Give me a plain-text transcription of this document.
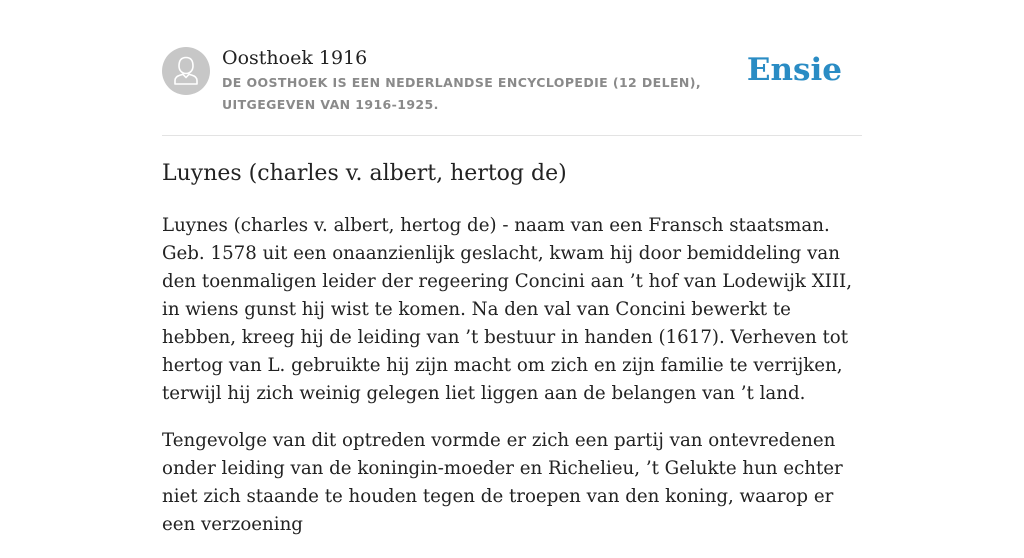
Oosthoek 1916
DE OOSTHOEK IS EEN NEDERLANDSE ENCYCLOPEDIE (12 DELEN), UITGEGEVEN VAN 1916-1925.
Ensie
Luynes (charles v. albert, hertog de)

Luynes (charles v. albert, hertog de) - naam van een Fransch staatsman. Geb. 1578 uit een onaanzienlijk geslacht, kwam hij door bemiddeling van den toenmaligen leider der regeering Concini aan ’t hof van Lodewijk XIII, in wiens gunst hij wist te komen. Na den val van Concini bewerkt te hebben, kreeg hij de leiding van ’t bestuur in handen (1617). Verheven tot hertog van L. gebruikte hij zijn macht om zich en zijn familie te verrijken, terwijl hij zich weinig gelegen liet liggen aan de belangen van ’t land.

Tengevolge van dit optreden vormde er zich een partij van ontevredenen onder leiding van de koningin-moeder en Richelieu, ’t Gelukte hun echter niet zich staande te houden tegen de troepen van den koning, waarop er een verzoening
